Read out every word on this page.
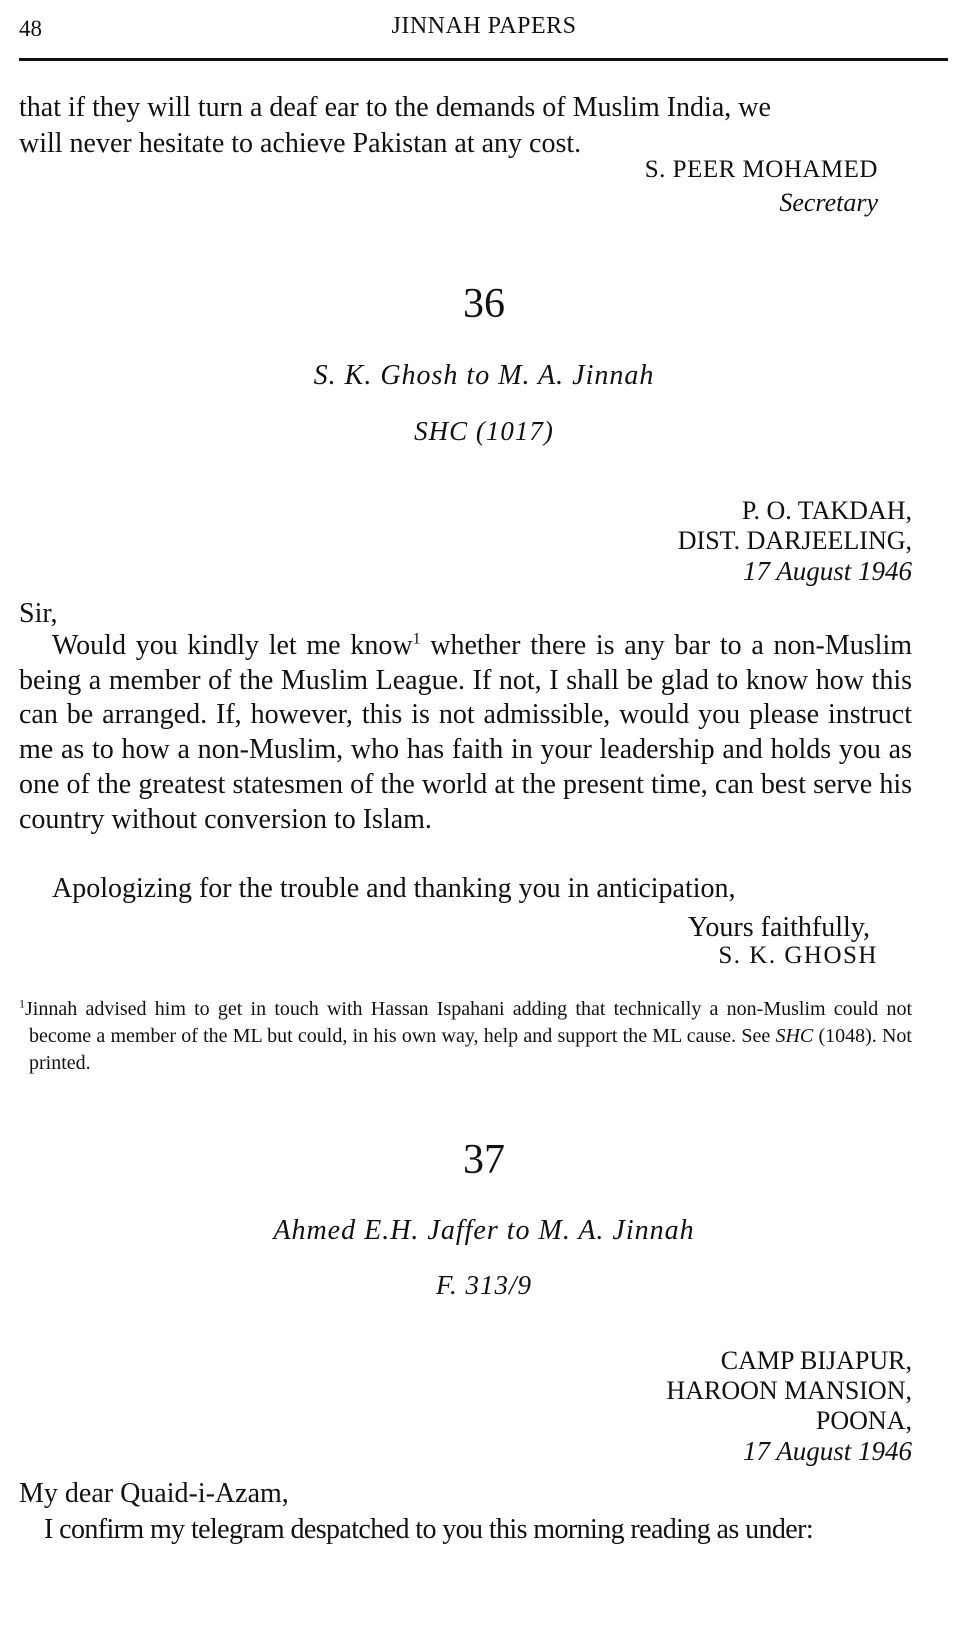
48	JINNAH PAPERS
that if they will turn a deaf ear to the demands of Muslim India, we
will never hesitate to achieve Pakistan at any cost.
S. PEER MOHAMED
Secretary
36
S. K. Ghosh to M. A. Jinnah
SHC (1017)
P. O. TAKDAH,
DIST. DARJEELING,
17 August 1946
Sir,
Would you kindly let me know$^1$ whether there is any bar to a non-Muslim being a member of the Muslim League. If not, I shall be glad to know how this can be arranged. If, however, this is not admissible, would you please instruct me as to how a non-Muslim, who has faith in your leadership and holds you as one of the greatest statesmen of the world at the present time, can best serve his country without conversion to Islam.
Apologizing for the trouble and thanking you in anticipation,
Yours faithfully,
S. K. GHOSH
$^1$Jinnah advised him to get in touch with Hassan Ispahani adding that technically a non-Muslim could not become a member of the ML but could, in his own way, help and support the ML cause. See SHC (1048). Not printed.
37
Ahmed E.H. Jaffer to M. A. Jinnah
F. 313/9
CAMP BIJAPUR,
HAROON MANSION,
POONA,
17 August 1946
My dear Quaid-i-Azam,
I confirm my telegram despatched to you this morning reading as under:
